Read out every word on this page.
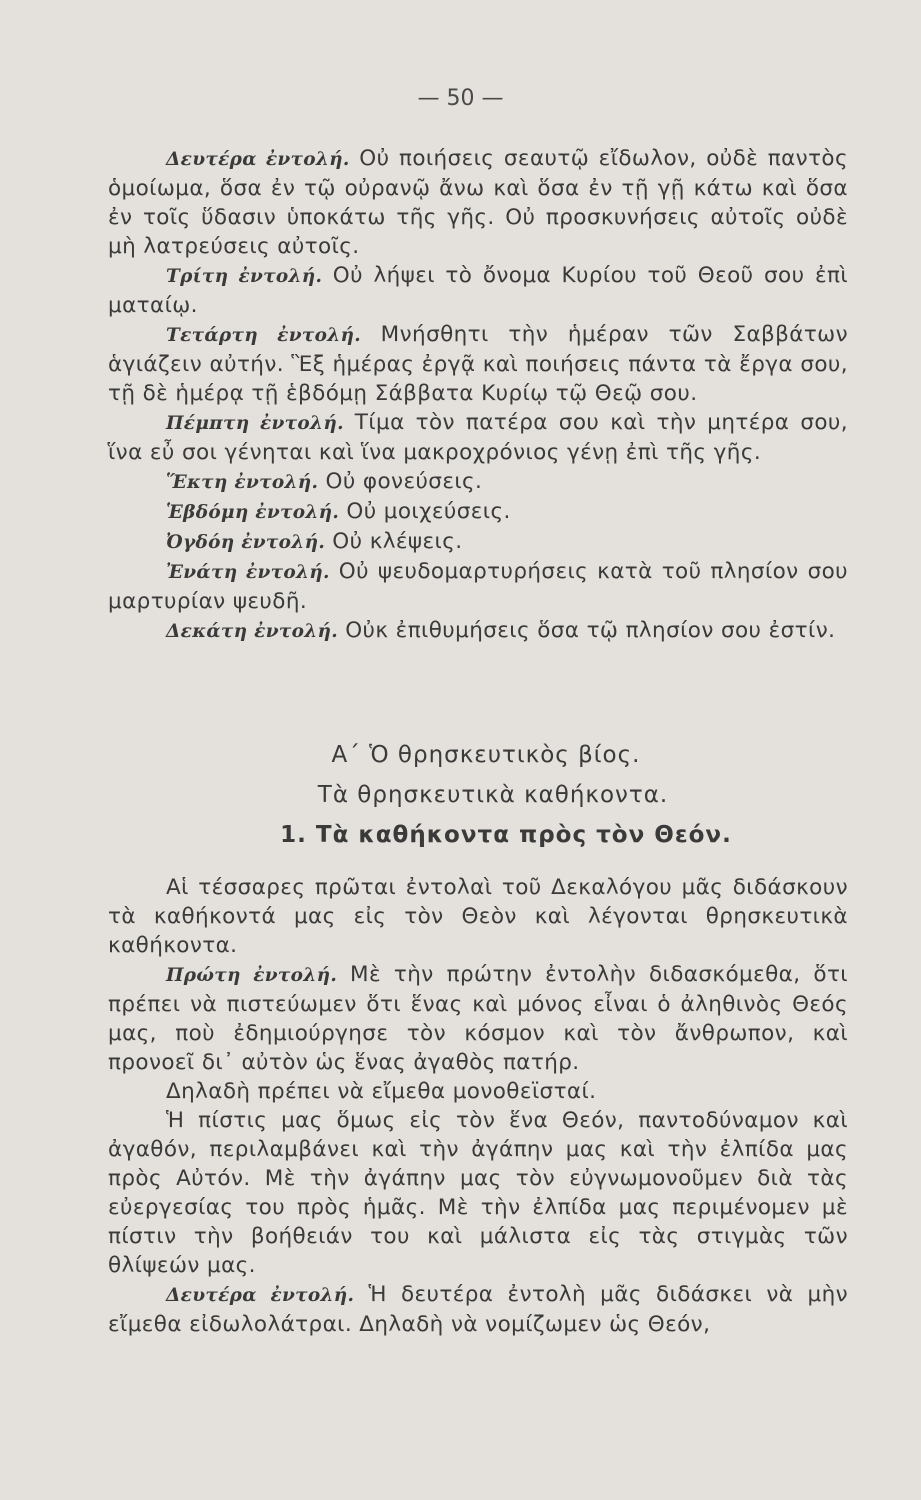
— 50 —

Δευτέρα ἐντολή. Οὐ ποιήσεις σεαυτῷ εἴδωλον, οὐδὲ παντὸς ὁμοίωμα, ὅσα ἐν τῷ οὐρανῷ ἄνω καὶ ὅσα ἐν τῇ γῇ κάτω καὶ ὅσα ἐν τοῖς ὕδασιν ὑποκάτω τῆς γῆς. Οὐ προσκυνήσεις αὐτοῖς οὐδὲ μὴ λατρεύσεις αὐτοῖς.

Τρίτη ἐντολή. Οὐ λήψει τὸ ὄνομα Κυρίου τοῦ Θεοῦ σου ἐπὶ ματαίῳ.

Τετάρτη ἐντολή. Μνήσθητι τὴν ἡμέραν τῶν Σαββάτων ἁγιάζειν αὐτήν. Ἓξ ἡμέρας ἐργᾷ καὶ ποιήσεις πάντα τὰ ἔργα σου, τῇ δὲ ἡμέρᾳ τῇ ἑβδόμῃ Σάββατα Κυρίῳ τῷ Θεῷ σου.

Πέμπτη ἐντολή. Τίμα τὸν πατέρα σου καὶ τὴν μητέρα σου, ἵνα εὖ σοι γένηται καὶ ἵνα μακροχρόνιος γένῃ ἐπὶ τῆς γῆς.

Ἕκτη ἐντολή. Οὐ φονεύσεις.

Ἑβδόμη ἐντολή. Οὐ μοιχεύσεις.

Ὀγδόη ἐντολή. Οὐ κλέψεις.

Ἐνάτη ἐντολή. Οὐ ψευδομαρτυρήσεις κατὰ τοῦ πλησίον σου μαρτυρίαν ψευδῆ.

Δεκάτη ἐντολή. Οὐκ ἐπιθυμήσεις ὅσα τῷ πλησίον σου ἐστίν.

Α΄ Ὁ θρησκευτικὸς βίος.
Τὰ θρησκευτικὰ καθήκοντα.
1. Τὰ καθήκοντα πρὸς τὸν Θεόν.

Αἱ τέσσαρες πρῶται ἐντολαὶ τοῦ Δεκαλόγου μᾶς διδάσκουν τὰ καθήκοντά μας εἰς τὸν Θεὸν καὶ λέγονται θρησκευτικὰ καθήκοντα.

Πρώτη ἐντολή. Μὲ τὴν πρώτην ἐντολὴν διδασκόμεθα, ὅτι πρέπει νὰ πιστεύωμεν ὅτι ἕνας καὶ μόνος εἶναι ὁ ἀληθινὸς Θεός μας, ποὺ ἐδημιούργησε τὸν κόσμον καὶ τὸν ἄνθρωπον, καὶ προνοεῖ δι᾽ αὐτὸν ὡς ἕνας ἀγαθὸς πατήρ.

Δηλαδὴ πρέπει νὰ εἴμεθα μονοθεϊσταί.

Ἡ πίστις μας ὅμως εἰς τὸν ἕνα Θεόν, παντοδύναμον καὶ ἀγαθόν, περιλαμβάνει καὶ τὴν ἀγάπην μας καὶ τὴν ἐλπίδα μας πρὸς Αὐτόν. Μὲ τὴν ἀγάπην μας τὸν εὐγνωμονοῦμεν διὰ τὰς εὐεργεσίας του πρὸς ἡμᾶς. Μὲ τὴν ἐλπίδα μας περιμένομεν μὲ πίστιν τὴν βοήθειάν του καὶ μάλιστα εἰς τὰς στιγμὰς τῶν θλίψεών μας.

Δευτέρα ἐντολή. Ἡ δευτέρα ἐντολὴ μᾶς διδάσκει νὰ μὴν εἴμεθα εἰδωλολάτραι. Δηλαδὴ νὰ νομίζωμεν ὡς Θεόν,
